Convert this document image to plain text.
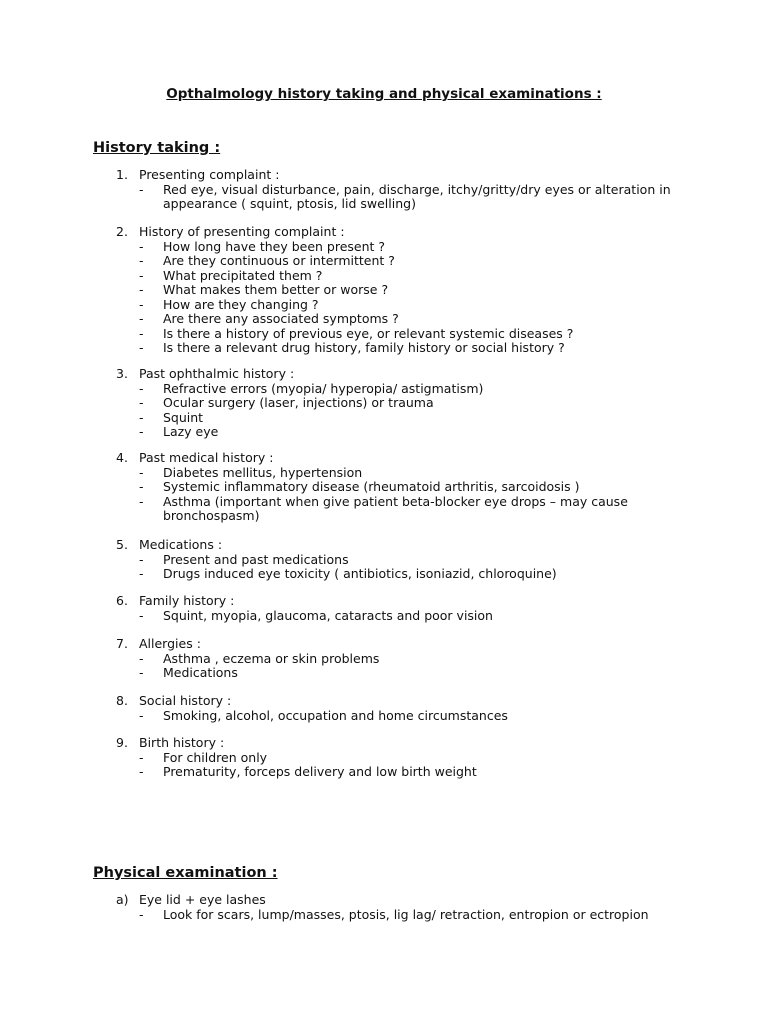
Opthalmology history taking and physical examinations :
History taking :
1. Presenting complaint :
-	Red eye, visual disturbance, pain, discharge, itchy/gritty/dry eyes or alteration in appearance ( squint, ptosis, lid swelling)
2. History of presenting complaint :
-	How long have they been present ?
-	Are they continuous or intermittent ?
-	What precipitated them ?
-	What makes them better or worse ?
-	How are they changing ?
-	Are there any associated symptoms ?
-	Is there a history of previous eye, or relevant systemic diseases ?
-	Is there a relevant drug history, family history or social history ?
3. Past ophthalmic history :
-	Refractive errors (myopia/ hyperopia/ astigmatism)
-	Ocular surgery (laser, injections) or trauma
-	Squint
-	Lazy eye
4. Past medical history :
-	Diabetes mellitus, hypertension
-	Systemic inflammatory disease (rheumatoid arthritis, sarcoidosis )
-	Asthma (important when give patient beta-blocker eye drops – may cause bronchospasm)
5. Medications :
-	Present and past medications
-	Drugs induced eye toxicity ( antibiotics, isoniazid, chloroquine)
6. Family history :
-	Squint, myopia, glaucoma, cataracts and poor vision
7. Allergies :
-	Asthma , eczema or skin problems
-	Medications
8. Social history :
-	Smoking, alcohol, occupation and home circumstances
9. Birth history :
-	For children only
-	Prematurity, forceps delivery and low birth weight
Physical examination :
a) Eye lid + eye lashes
-	Look for scars, lump/masses, ptosis, lig lag/ retraction, entropion or ectropion
